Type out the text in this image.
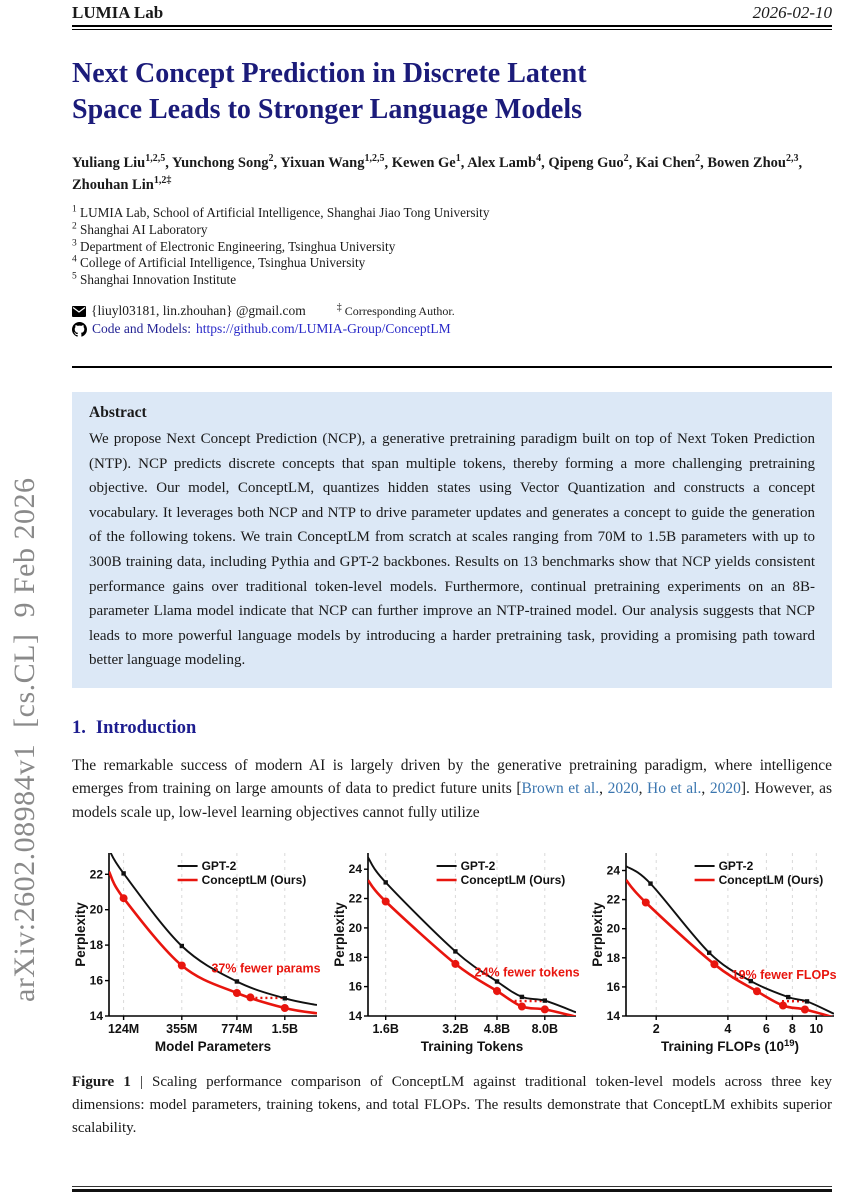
arXiv:2602.08984v1  [cs.CL]  9 Feb 2026
LUMIA Lab	2026-02-10
Next Concept Prediction in Discrete Latent
Space Leads to Stronger Language Models
Yuliang Liu$^{1,2,5}$, Yunchong Song$^2$, Yixuan Wang$^{1,2,5}$, Kewen Ge$^1$, Alex Lamb$^4$, Qipeng Guo$^2$, Kai Chen$^2$, Bowen Zhou$^{2,3}$, Zhouhan Lin$^{1,2\ddagger}$
$^1$ LUMIA Lab, School of Artificial Intelligence, Shanghai Jiao Tong University
$^2$ Shanghai AI Laboratory
$^3$ Department of Electronic Engineering, Tsinghua University
$^4$ College of Artificial Intelligence, Tsinghua University
$^5$ Shanghai Innovation Institute
{liuyl03181, lin.zhouhan} @gmail.com	‡ Corresponding Author.
Code and Models: https://github.com/LUMIA-Group/ConceptLM
Abstract

We propose Next Concept Prediction (NCP), a generative pretraining paradigm built on top of Next Token Prediction (NTP). NCP predicts discrete concepts that span multiple tokens, thereby forming a more challenging pretraining objective. Our model, ConceptLM, quantizes hidden states using Vector Quantization and constructs a concept vocabulary. It leverages both NCP and NTP to drive parameter updates and generates a concept to guide the generation of the following tokens. We train ConceptLM from scratch at scales ranging from 70M to 1.5B parameters with up to 300B training data, including Pythia and GPT-2 backbones. Results on 13 benchmarks show that NCP yields consistent performance gains over traditional token-level models. Furthermore, continual pretraining experiments on an 8B-parameter Llama model indicate that NCP can further improve an NTP-trained model. Our analysis suggests that NCP leads to more powerful language models by introducing a harder pretraining task, providing a promising path toward better language modeling.

1. Introduction

The remarkable success of modern AI is largely driven by the generative pretraining paradigm, where intelligence emerges from training on large amounts of data to predict future units [Brown et al., 2020, Ho et al., 2020]. However, as models scale up, low-level learning objectives cannot fully utilize

14
16
18
20
22
124M 355M 774M 1.5B
Model Parameters
Perplexity
GPT-2
ConceptLM (Ours)
37% fewer params
14
16
18
20
22
24
1.6B	3.2B 4.8B 8.0B
Training Tokens
Perplexity
GPT-2
ConceptLM (Ours)
24% fewer tokens
14
16
18
20
22
24
2	4	6 8 10
Training FLOPs $(10^{19})$
Perplexity
GPT-2
ConceptLM (Ours)
19% fewer FLOPs

Figure 1 | Scaling performance comparison of ConceptLM against traditional token-level models across three key dimensions: model parameters, training tokens, and total FLOPs. The results demonstrate that ConceptLM exhibits superior scalability.
